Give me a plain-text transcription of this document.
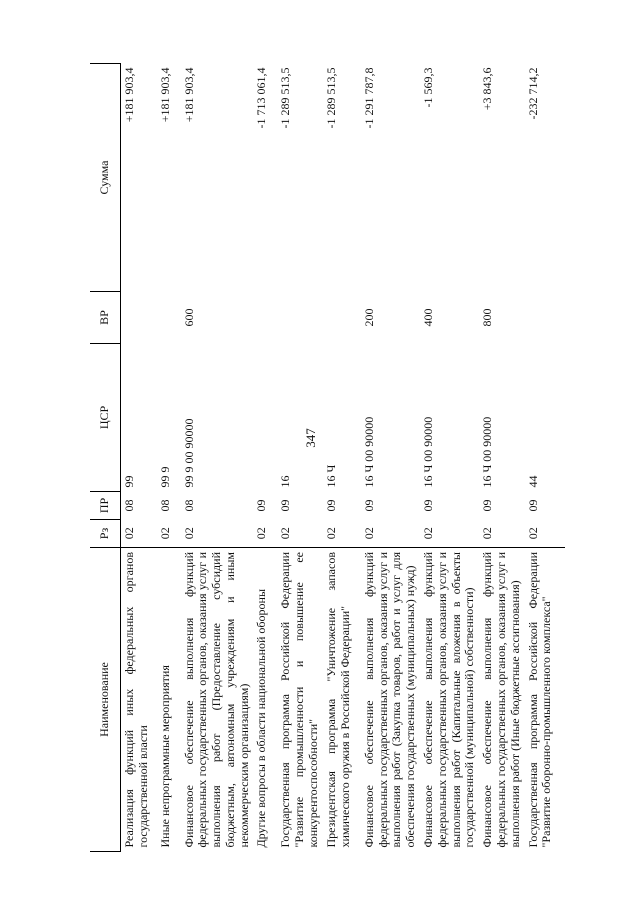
347
Наименование	Рз	ПР	ЦСР	ВР	Сумма
Реализация функций иных федеральных органов государственной власти	02	08	99		+181 903,4
Иные непрограммные мероприятия	02	08	99 9		+181 903,4
Финансовое обеспечение выполнения функций федеральных государственных органов, оказания услуг и выполнения работ (Предоставление субсидий бюджетным, автономным учреждениям и иным некоммерческим организациям)	02	08	99 9 00 90000	600	+181 903,4
Другие вопросы в области национальной обороны	02	09			-1 713 061,4
Государственная программа Российской Федерации "Развитие промышленности и повышение ее конкурентоспособности"	02	09	16		-1 289 513,5
Президентская программа "Уничтожение запасов химического оружия в Российской Федерации"	02	09	16 Ч		-1 289 513,5
Финансовое обеспечение выполнения функций федеральных государственных органов, оказания услуг и выполнения работ (Закупка товаров, работ и услуг для обеспечения государственных (муниципальных) нужд)	02	09	16 Ч 00 90000	200	-1 291 787,8
Финансовое обеспечение выполнения функций федеральных государственных органов, оказания услуг и выполнения работ (Капитальные вложения в объекты государственной (муниципальной) собственности)	02	09	16 Ч 00 90000	400	-1 569,3
Финансовое обеспечение выполнения функций федеральных государственных органов, оказания услуг и выполнения работ (Иные бюджетные ассигнования)	02	09	16 Ч 00 90000	800	+3 843,6
Государственная программа Российской Федерации "Развитие оборонно-промышленного комплекса"	02	09	44		-232 714,2
